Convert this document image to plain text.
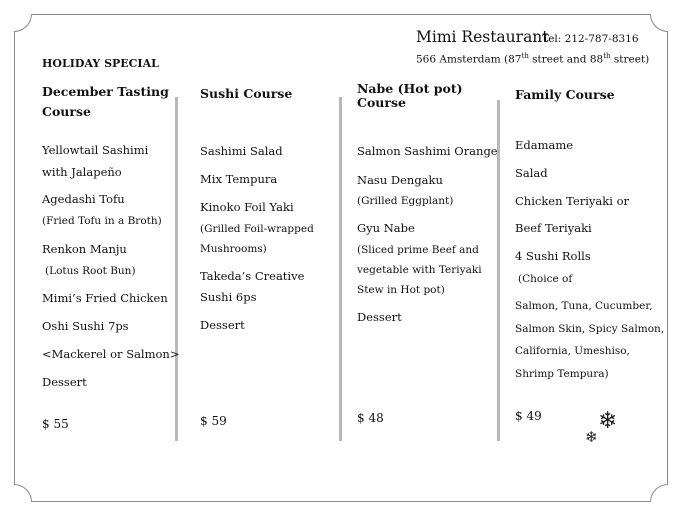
Mimi Restaurant
Tel: 212-787-8316
566 Amsterdam (87th street and 88th street)
HOLIDAY SPECIAL
December Tasting
Course
Yellowtail Sashimi
with Jalapeño
Agedashi Tofu
(Fried Tofu in a Broth)
Renkon Manju
(Lotus Root Bun)
Mimi’s Fried Chicken
Oshi Sushi 7ps
<Mackerel or Salmon>
Dessert
$ 55
Sushi Course
Sashimi Salad
Mix Tempura
Kinoko Foil Yaki
(Grilled Foil-wrapped
Mushrooms)
Takeda’s Creative
Sushi 6ps
Dessert
$ 59
Nabe (Hot pot)
Course
Salmon Sashimi Orange
Nasu Dengaku
(Grilled Eggplant)
Gyu Nabe
(Sliced prime Beef and
vegetable with Teriyaki
Stew in Hot pot)
Dessert
$ 48
Family Course
Edamame
Salad
Chicken Teriyaki or
Beef Teriyaki
4 Sushi Rolls
(Choice of
Salmon, Tuna, Cucumber,
Salmon Skin, Spicy Salmon,
California, Umeshiso,
Shrimp Tempura)
$ 49 ❄
❄
